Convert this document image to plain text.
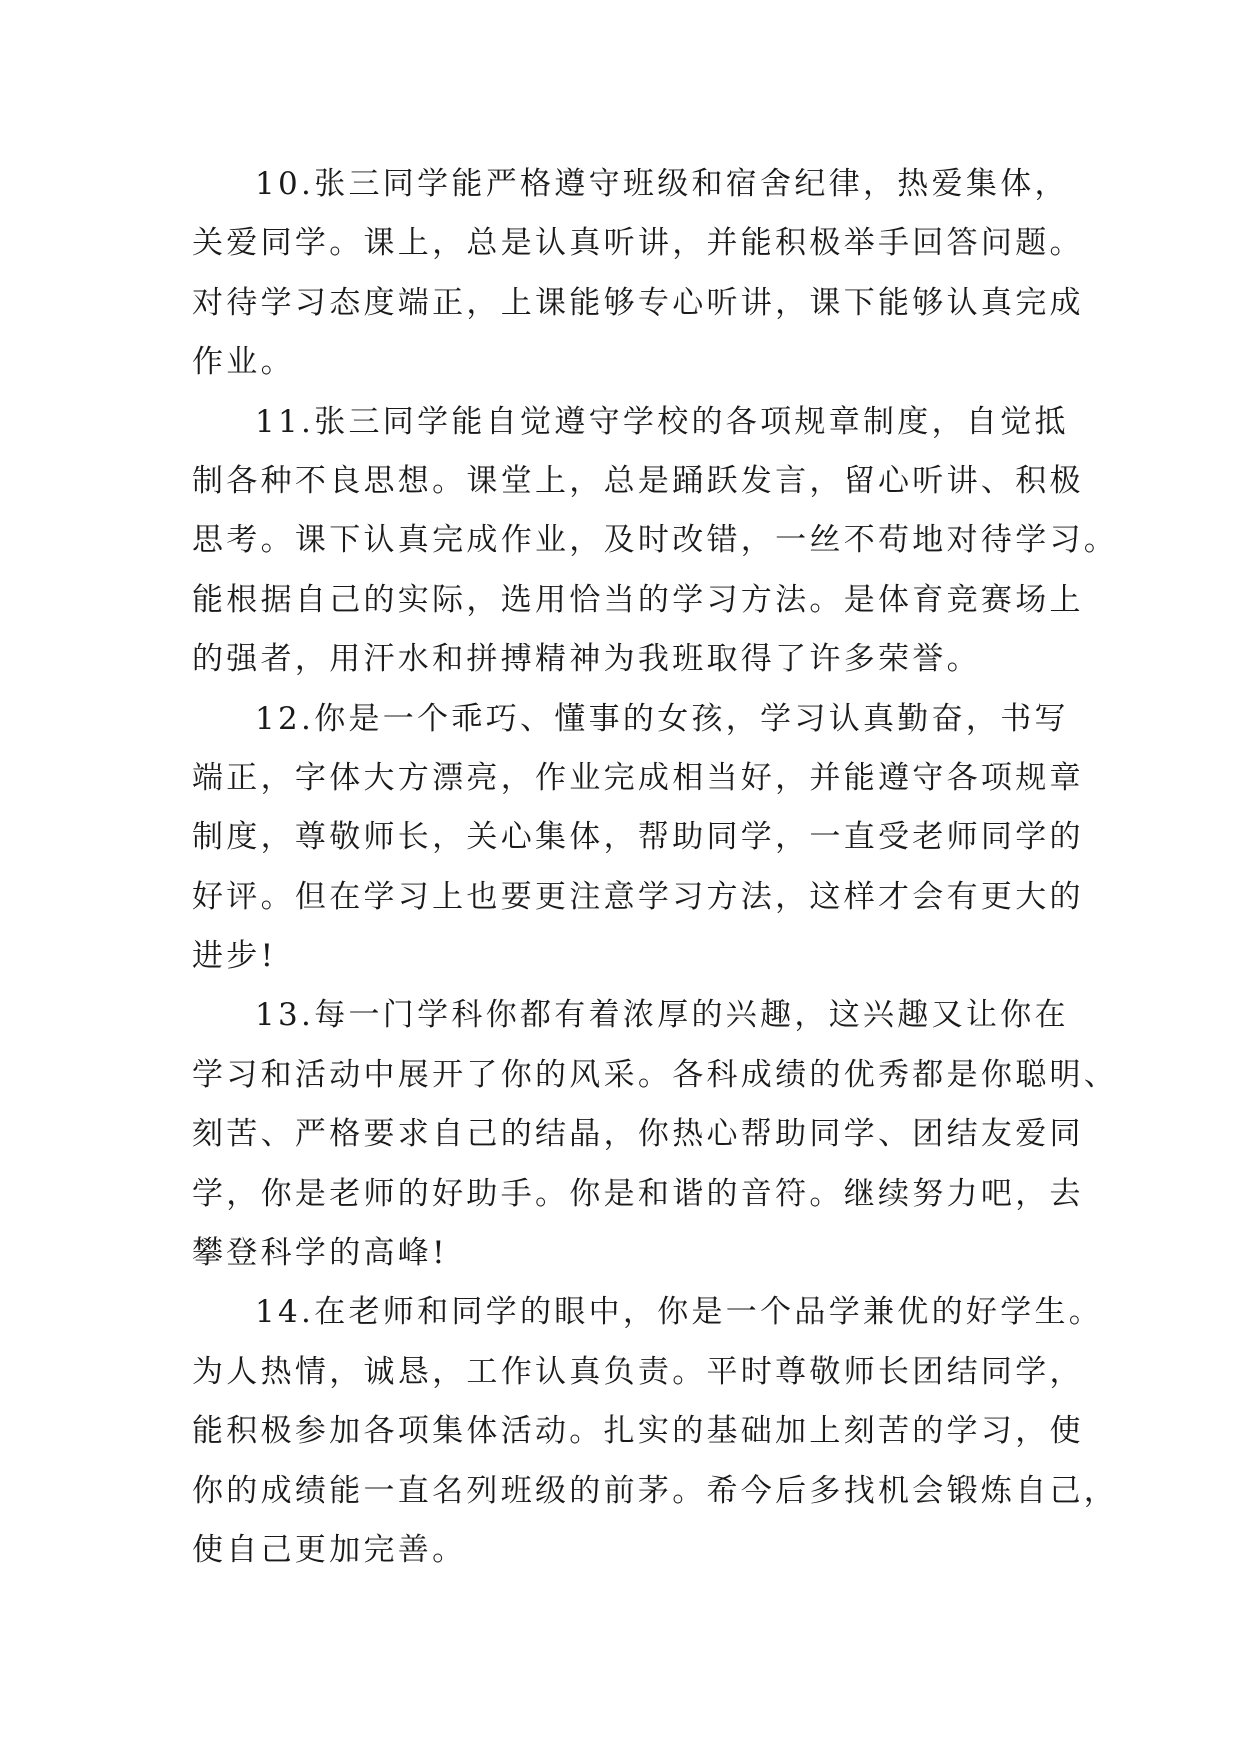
10.张三同学能严格遵守班级和宿舍纪律，热爱集体，
关爱同学。课上，总是认真听讲，并能积极举手回答问题。
对待学习态度端正，上课能够专心听讲，课下能够认真完成
作业。
11.张三同学能自觉遵守学校的各项规章制度，自觉抵
制各种不良思想。课堂上，总是踊跃发言，留心听讲、积极
思考。课下认真完成作业，及时改错，一丝不苟地对待学习。
能根据自己的实际，选用恰当的学习方法。是体育竞赛场上
的强者，用汗水和拼搏精神为我班取得了许多荣誉。
12.你是一个乖巧、懂事的女孩，学习认真勤奋，书写
端正，字体大方漂亮，作业完成相当好，并能遵守各项规章
制度，尊敬师长，关心集体，帮助同学，一直受老师同学的
好评。但在学习上也要更注意学习方法，这样才会有更大的
进步!
13.每一门学科你都有着浓厚的兴趣，这兴趣又让你在
学习和活动中展开了你的风采。各科成绩的优秀都是你聪明、
刻苦、严格要求自己的结晶，你热心帮助同学、团结友爱同
学，你是老师的好助手。你是和谐的音符。继续努力吧，去
攀登科学的高峰!
14.在老师和同学的眼中，你是一个品学兼优的好学生。
为人热情，诚恳，工作认真负责。平时尊敬师长团结同学，
能积极参加各项集体活动。扎实的基础加上刻苦的学习，使
你的成绩能一直名列班级的前茅。希今后多找机会锻炼自己，
使自己更加完善。
